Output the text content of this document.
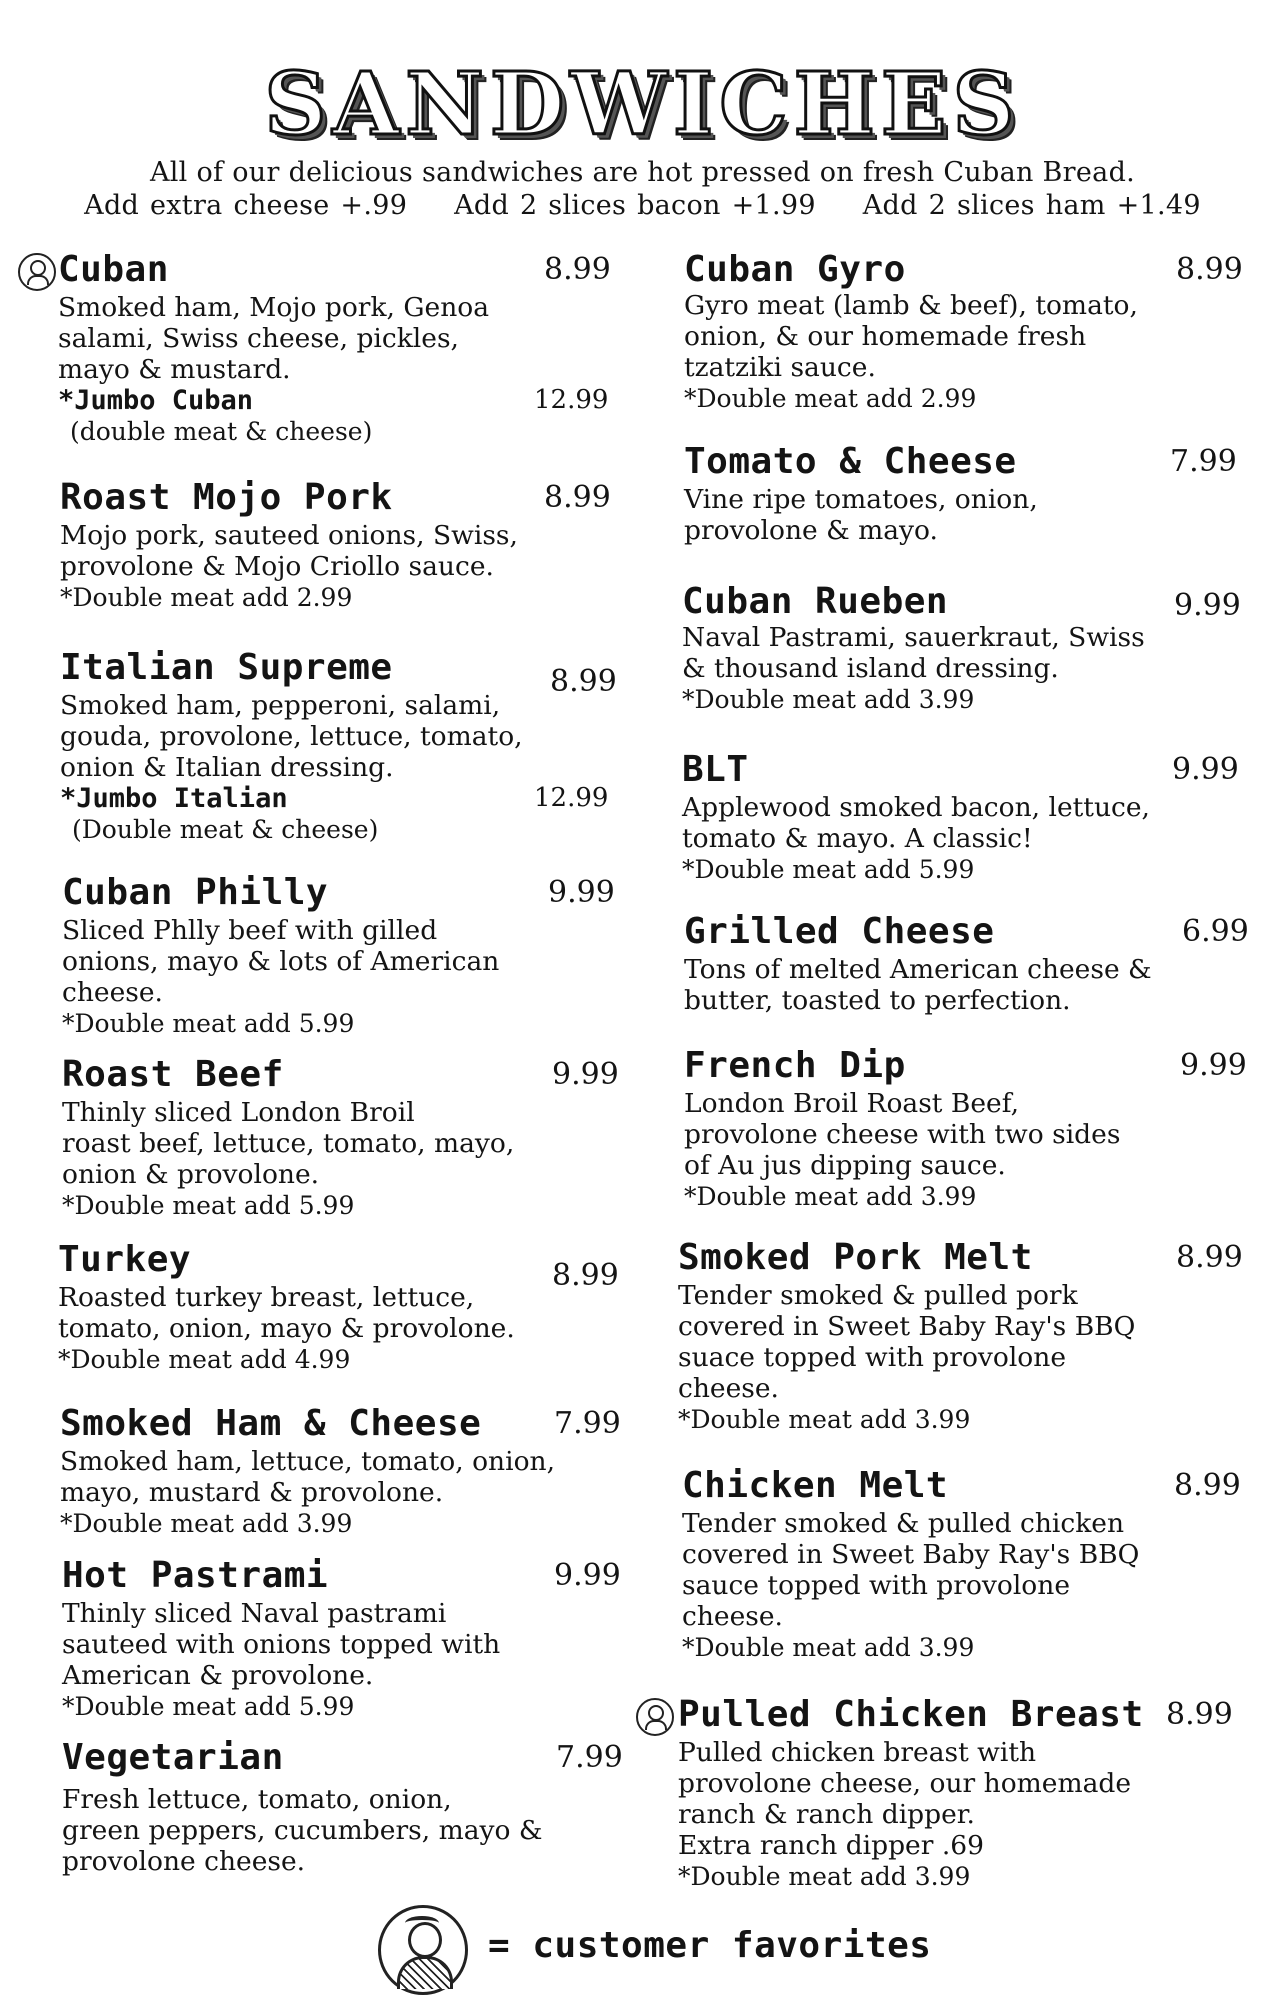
SANDWICHES
All of our delicious sandwiches are hot pressed on fresh Cuban Bread.
Add extra cheese +.99 Add 2 slices bacon +1.99 Add 2 slices ham +1.49
Cuban	8.99
Smoked ham, Mojo pork, Genoa
salami, Swiss cheese, pickles,
mayo & mustard.
*Jumbo Cuban	12.99
(double meat & cheese)
Roast Mojo Pork	8.99
Mojo pork, sauteed onions, Swiss,
provolone & Mojo Criollo sauce.
*Double meat add 2.99
Italian Supreme	8.99
Smoked ham, pepperoni, salami,
gouda, provolone, lettuce, tomato,
onion & Italian dressing.
*Jumbo Italian	12.99
(Double meat & cheese)
Cuban Philly	9.99
Sliced Phlly beef with gilled
onions, mayo & lots of American
cheese.
*Double meat add 5.99
Roast Beef	9.99
Thinly sliced London Broil
roast beef, lettuce, tomato, mayo,
onion & provolone.
*Double meat add 5.99
Turkey	8.99
Roasted turkey breast, lettuce,
tomato, onion, mayo & provolone.
*Double meat add 4.99
Smoked Ham & Cheese	7.99
Smoked ham, lettuce, tomato, onion,
mayo, mustard & provolone.
*Double meat add 3.99
Hot Pastrami	9.99
Thinly sliced Naval pastrami
sauteed with onions topped with
American & provolone.
*Double meat add 5.99
Vegetarian	7.99
Fresh lettuce, tomato, onion,
green peppers, cucumbers, mayo &
provolone cheese.
Cuban Gyro	8.99
Gyro meat (lamb & beef), tomato,
onion, & our homemade fresh
tzatziki sauce.
*Double meat add 2.99
Tomato & Cheese	7.99
Vine ripe tomatoes, onion,
provolone & mayo.
Cuban Rueben	9.99
Naval Pastrami, sauerkraut, Swiss
& thousand island dressing.
*Double meat add 3.99
BLT	9.99
Applewood smoked bacon, lettuce,
tomato & mayo. A classic!
*Double meat add 5.99
Grilled Cheese	6.99
Tons of melted American cheese &
butter, toasted to perfection.
French Dip	9.99
London Broil Roast Beef,
provolone cheese with two sides
of Au jus dipping sauce.
*Double meat add 3.99
Smoked Pork Melt	8.99
Tender smoked & pulled pork
covered in Sweet Baby Ray's BBQ
suace topped with provolone
cheese.
*Double meat add 3.99
Chicken Melt	8.99
Tender smoked & pulled chicken
covered in Sweet Baby Ray's BBQ
sauce topped with provolone
cheese.
*Double meat add 3.99
Pulled Chicken Breast 8.99
Pulled chicken breast with
provolone cheese, our homemade
ranch & ranch dipper.
Extra ranch dipper .69
*Double meat add 3.99
= customer favorites
